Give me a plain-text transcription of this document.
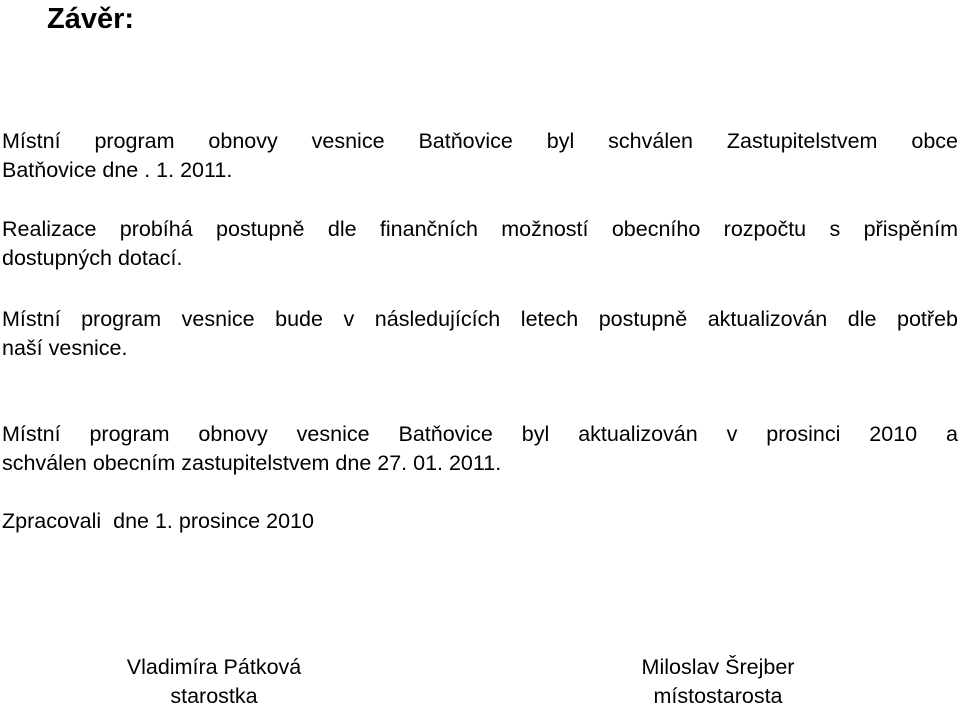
Závěr:

Místní program obnovy vesnice Batňovice byl schválen Zastupitelstvem obce
Batňovice dne . 1. 2011.

Realizace probíhá postupně dle finančních možností obecního rozpočtu s přispěním
dostupných dotací.

Místní program vesnice bude v následujících letech postupně aktualizován dle potřeb
naší vesnice.

Místní program obnovy vesnice Batňovice byl aktualizován v prosinci 2010 a
schválen obecním zastupitelstvem dne 27. 01. 2011.

Zpracovali  dne 1. prosince 2010

Vladimíra Pátková
starostka
Miloslav Šrejber
místostarosta
